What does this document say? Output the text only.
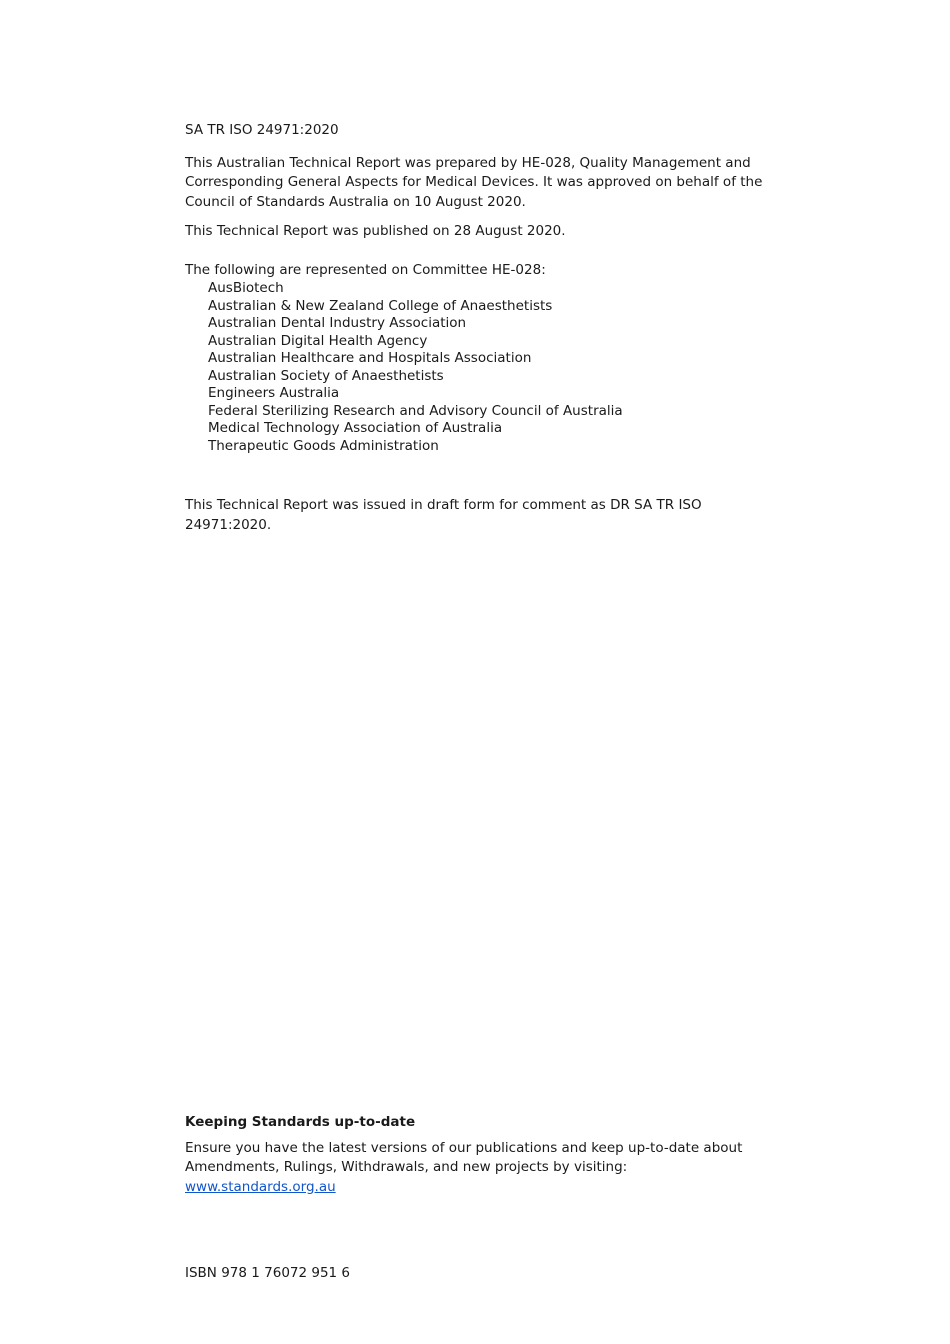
SA TR ISO 24971:2020

This Australian Technical Report was prepared by HE-028, Quality Management and Corresponding General Aspects for Medical Devices. It was approved on behalf of the Council of Standards Australia on 10 August 2020.

This Technical Report was published on 28 August 2020.

The following are represented on Committee HE-028:
AusBiotech
Australian & New Zealand College of Anaesthetists
Australian Dental Industry Association
Australian Digital Health Agency
Australian Healthcare and Hospitals Association
Australian Society of Anaesthetists
Engineers Australia
Federal Sterilizing Research and Advisory Council of Australia
Medical Technology Association of Australia
Therapeutic Goods Administration

This Technical Report was issued in draft form for comment as DR SA TR ISO 24971:2020.

Keeping Standards up-to-date

Ensure you have the latest versions of our publications and keep up-to-date about Amendments, Rulings, Withdrawals, and new projects by visiting:

www.standards.org.au
ISBN 978 1 76072 951 6
